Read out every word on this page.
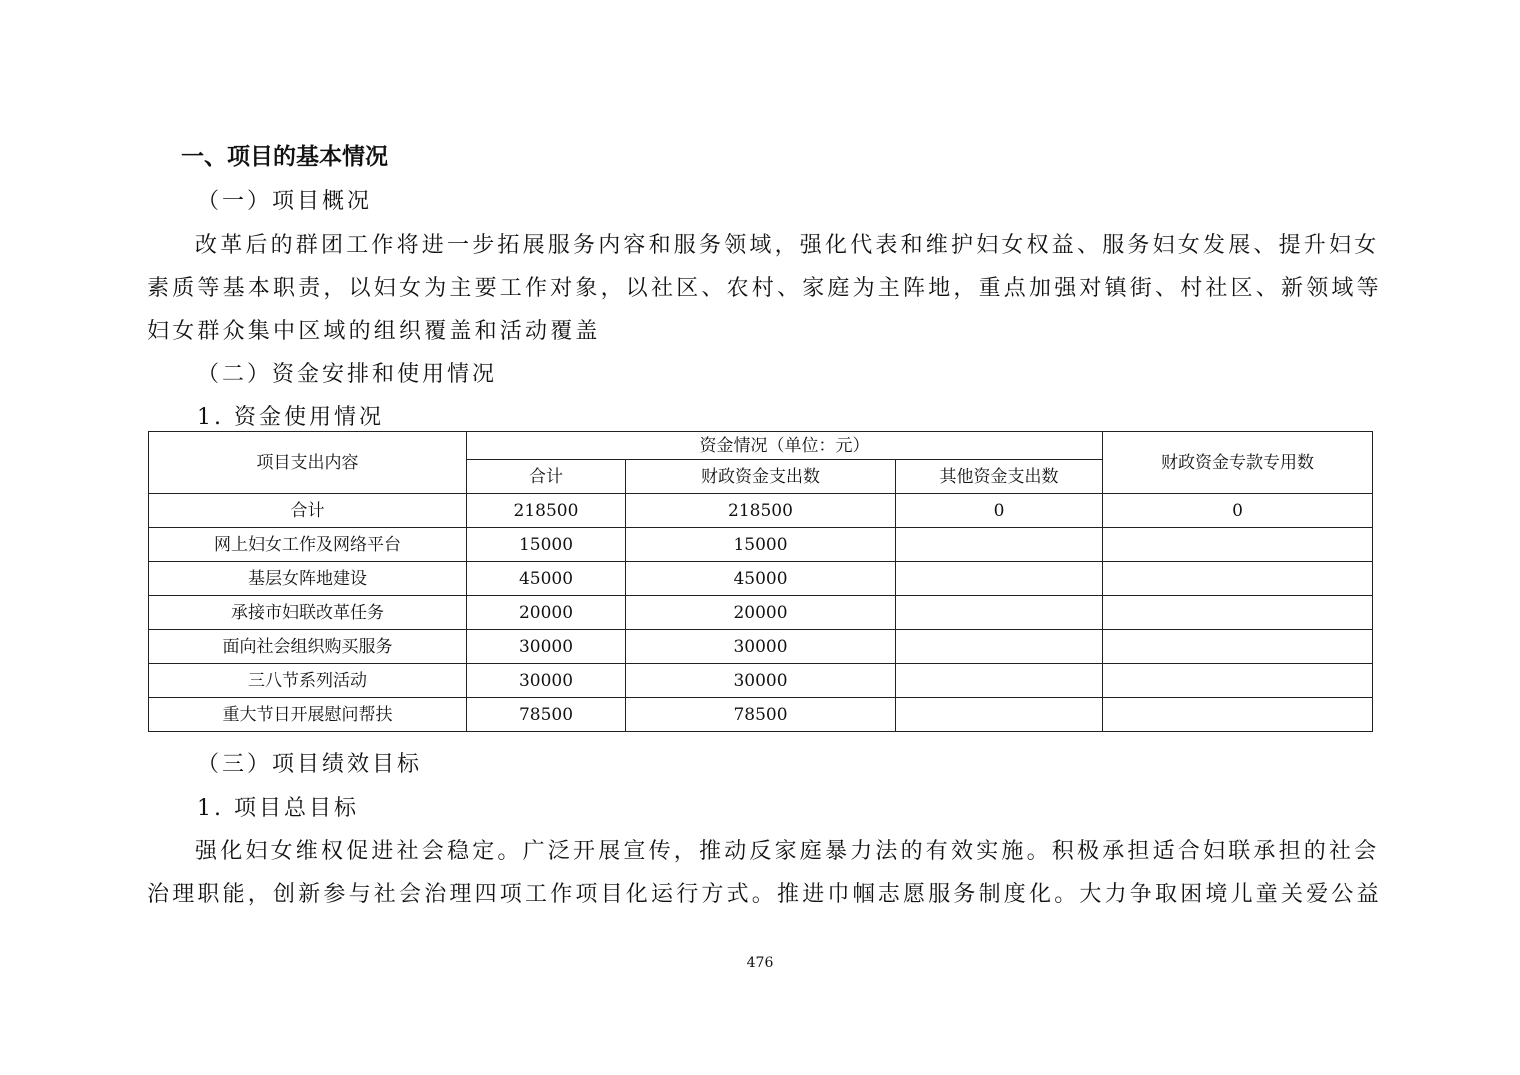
一、项目的基本情况
（一）项目概况
改革后的群团工作将进一步拓展服务内容和服务领域，强化代表和维护妇女权益、服务妇女发展、提升妇女
素质等基本职责，以妇女为主要工作对象，以社区、农村、家庭为主阵地，重点加强对镇街、村社区、新领域等
妇女群众集中区域的组织覆盖和活动覆盖
（二）资金安排和使用情况
1. 资金使用情况
项目支出内容	资金情况（单位：元）			财政资金专款专用数
	合计	财政资金支出数	其他资金支出数	
合计	218500	218500	0	0
网上妇女工作及网络平台	15000	15000		
基层女阵地建设	45000	45000		
承接市妇联改革任务	20000	20000		
面向社会组织购买服务	30000	30000		
三八节系列活动	30000	30000		
重大节日开展慰问帮扶	78500	78500		
（三）项目绩效目标
1. 项目总目标
强化妇女维权促进社会稳定。广泛开展宣传，推动反家庭暴力法的有效实施。积极承担适合妇联承担的社会
治理职能，创新参与社会治理四项工作项目化运行方式。推进巾帼志愿服务制度化。大力争取困境儿童关爱公益
476
